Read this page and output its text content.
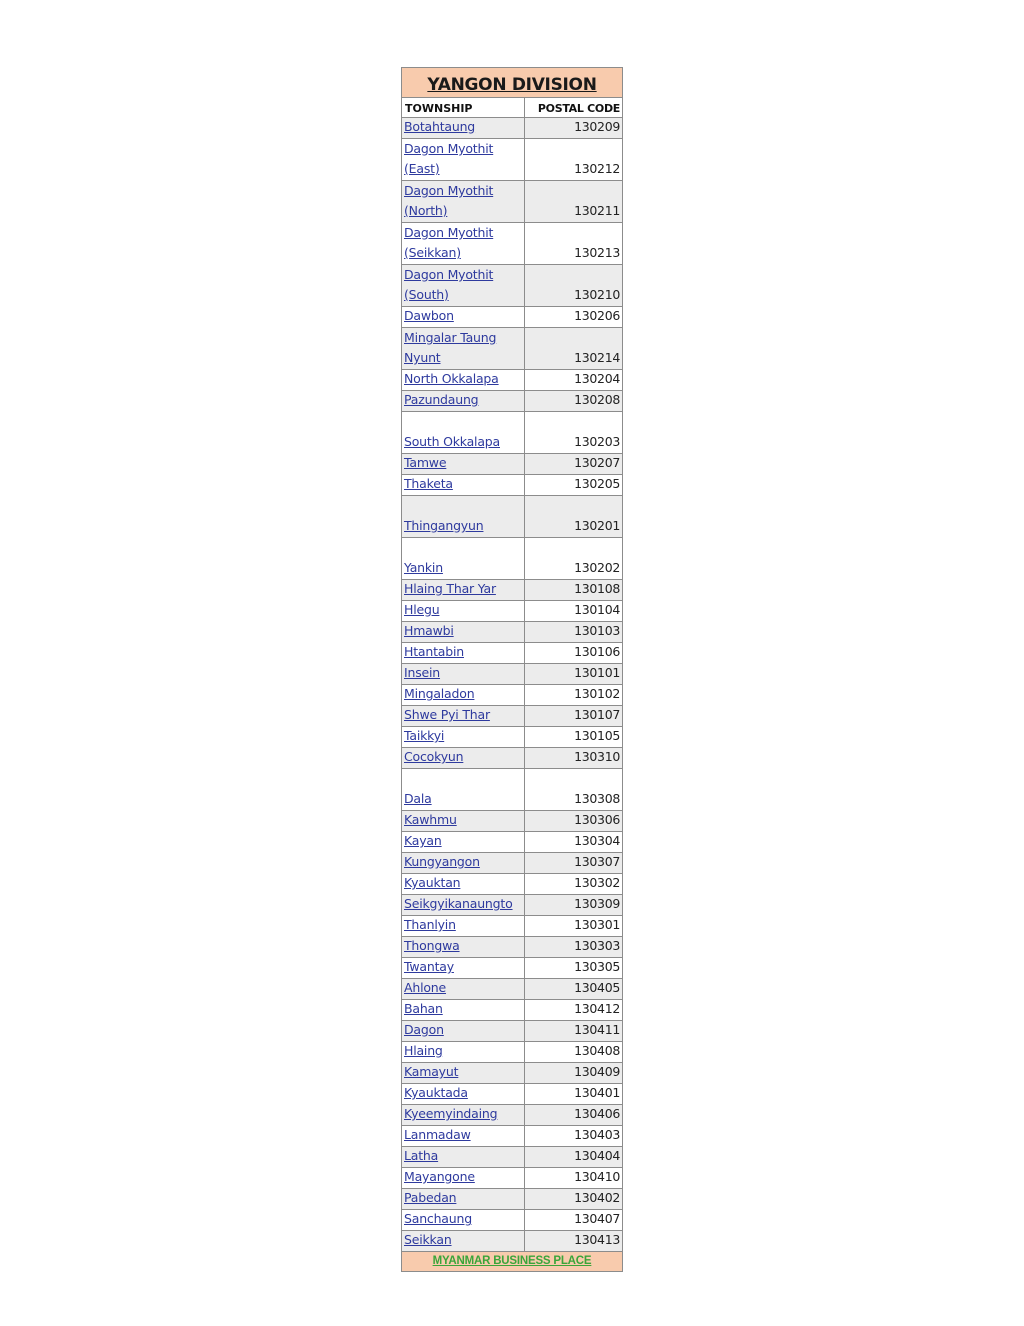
YANGON DIVISION
TOWNSHIP	POSTAL CODE
Botahtaung	130209
Dagon Myothit
(East)	130212
Dagon Myothit
(North)	130211
Dagon Myothit
(Seikkan)	130213
Dagon Myothit
(South)	130210
Dawbon	130206
Mingalar Taung
Nyunt	130214
North Okkalapa	130204
Pazundaung	130208
South Okkalapa	130203
Tamwe	130207
Thaketa	130205
Thingangyun	130201
Yankin	130202
Hlaing Thar Yar	130108
Hlegu	130104
Hmawbi	130103
Htantabin	130106
Insein	130101
Mingaladon	130102
Shwe Pyi Thar	130107
Taikkyi	130105
Cocokyun	130310
Dala	130308
Kawhmu	130306
Kayan	130304
Kungyangon	130307
Kyauktan	130302
Seikgyikanaungto	130309
Thanlyin	130301
Thongwa	130303
Twantay	130305
Ahlone	130405
Bahan	130412
Dagon	130411
Hlaing	130408
Kamayut	130409
Kyauktada	130401
Kyeemyindaing	130406
Lanmadaw	130403
Latha	130404
Mayangone	130410
Pabedan	130402
Sanchaung	130407
Seikkan	130413
MYANMAR BUSINESS PLACE
